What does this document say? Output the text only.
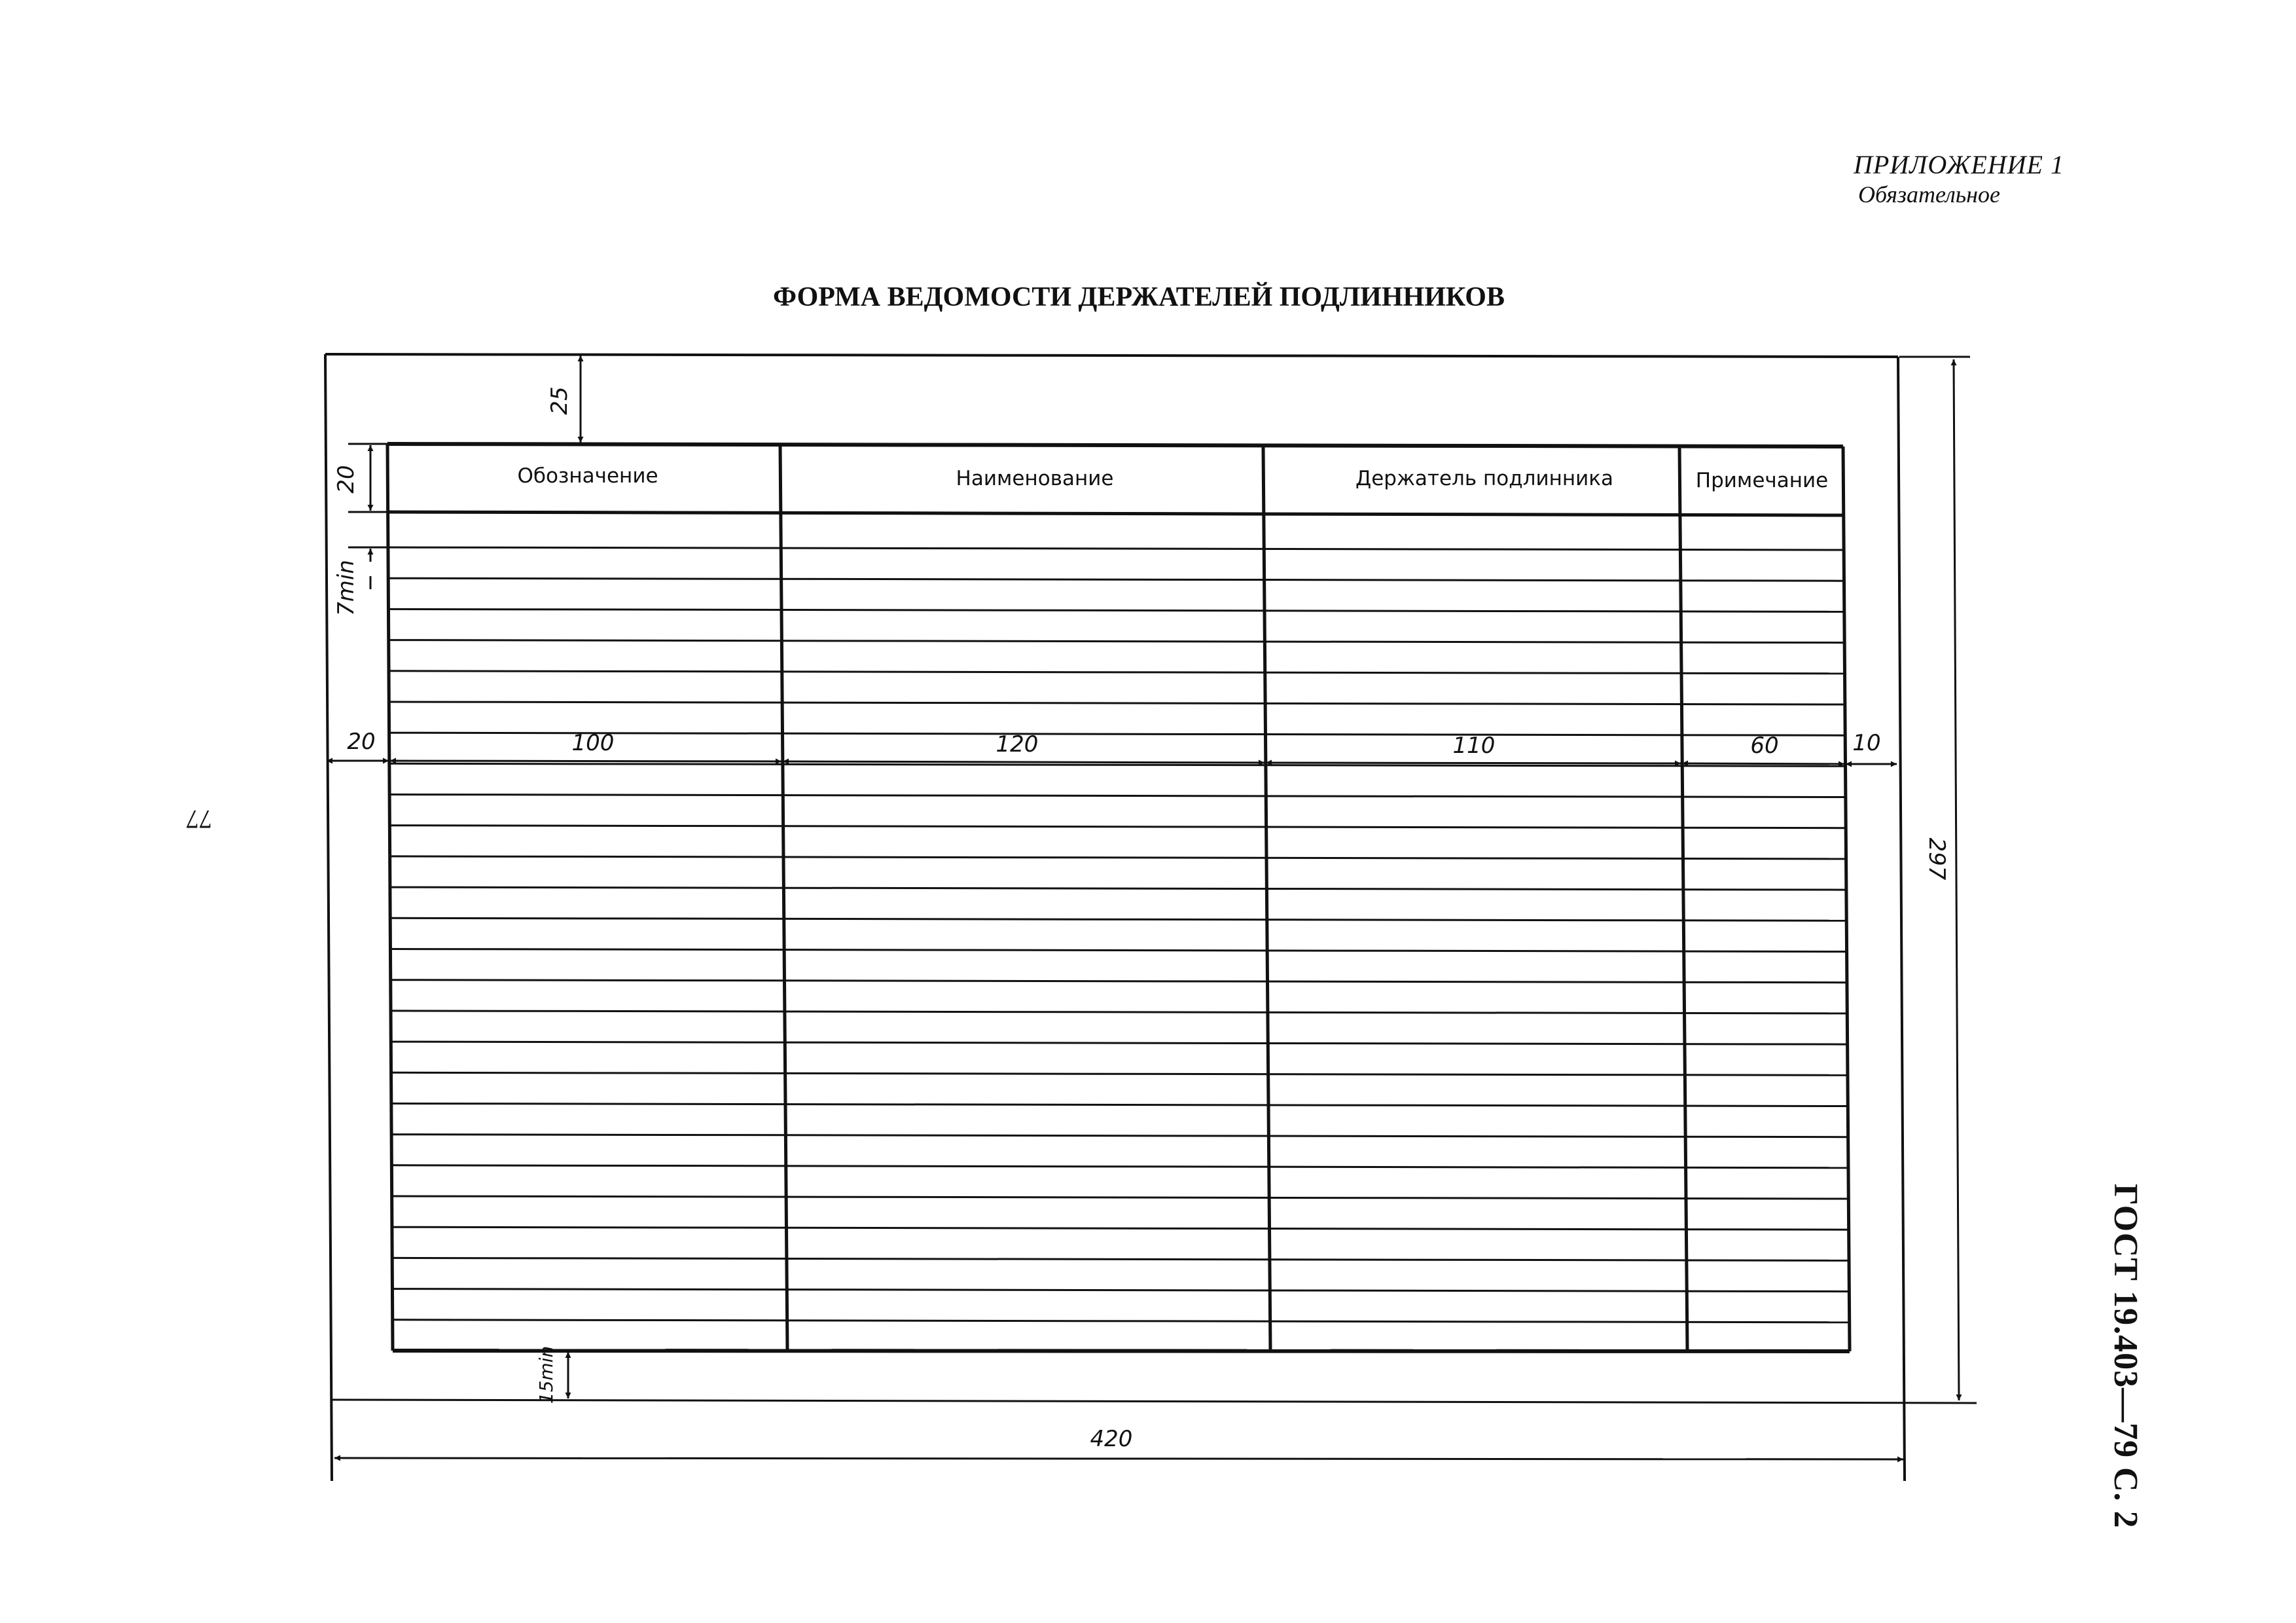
ПРИЛОЖЕНИЕ 1
Обязательное
ФОРМА ВЕДОМОСТИ ДЕРЖАТЕЛЕЙ ПОДЛИННИКОВ
Обозначение	Наименование	Держатель подлинника	Примечание
25
20
7min
20	100	120	110	60	10
297
420
15min
77
ГОСТ 19.403—79 С. 2
